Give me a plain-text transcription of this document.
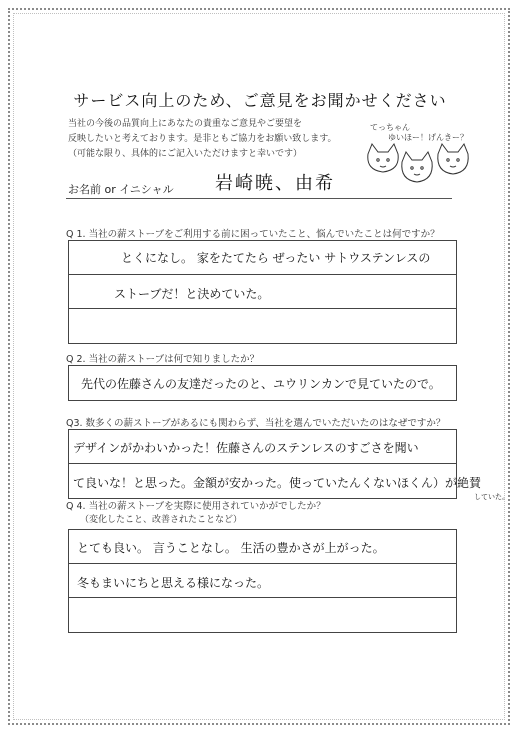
サービス向上のため、ご意見をお聞かせください
当社の今後の品質向上にあなたの貴重なご意見やご要望を
反映したいと考えております。是非ともご協力をお願い致します。
（可能な限り、具体的にご記入いただけますと幸いです）
てっちゃん
ゆいほー！げんきー？
お名前 or イニシャル 岩崎暁、由希
Q 1. 当社の薪ストーブをご利用する前に困っていたこと、悩んでいたことは何ですか？
とくになし。 家をたてたら ぜったい サトウステンレスの
ストーブだ！と決めていた。
Q 2. 当社の薪ストーブは何で知りましたか？
先代の佐藤さんの友達だったのと、ユウリンカンで見ていたので。
Q3. 数多くの薪ストーブがあるにも関わらず、当社を選んでいただいたのはなぜですか？
デザインがかわいかった！佐藤さんのステンレスのすごさを聞い
て良いな！と思った。金額が安かった。使っていたんくないほくん）が絶賛
していた。
Q 4. 当社の薪ストーブを実際に使用されていかがでしたか？
（変化したこと、改善されたことなど）
とても良い。 言うことなし。 生活の豊かさが上がった。
冬もまいにちと思える様になった。
